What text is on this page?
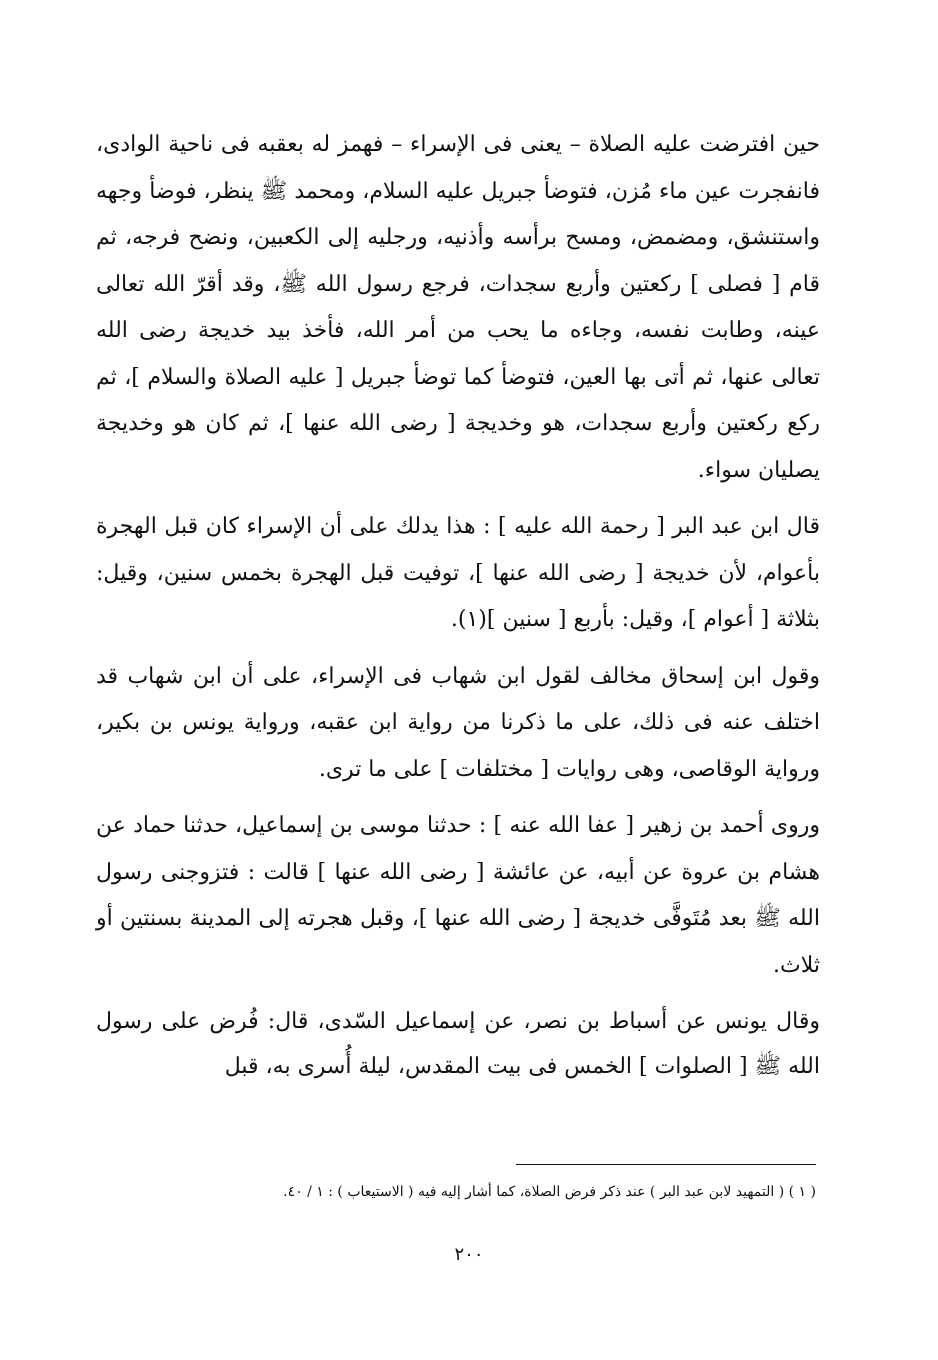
حين افترضت عليه الصلاة – يعنى فى الإسراء – فهمز له بعقبه فى ناحية الوادى، فانفجرت عين ماء مُزن، فتوضأ جبريل عليه السلام، ومحمد ﷺ ينظر، فوضأ وجهه واستنشق، ومضمض، ومسح برأسه وأذنيه، ورجليه إلى الكعبين، ونضح فرجه، ثم قام [ فصلى ] ركعتين وأربع سجدات، فرجع رسول الله ﷺ، وقد أقرّ الله تعالى عينه، وطابت نفسه، وجاءه ما يحب من أمر الله، فأخذ بيد خديجة رضى الله تعالى عنها، ثم أتى بها العين، فتوضأ كما توضأ جبريل [ عليه الصلاة والسلام ]، ثم ركع ركعتين وأربع سجدات، هو وخديجة [ رضى الله عنها ]، ثم كان هو وخديجة يصليان سواء.

قال ابن عبد البر [ رحمة الله عليه ] : هذا يدلك على أن الإسراء كان قبل الهجرة بأعوام، لأن خديجة [ رضى الله عنها ]، توفيت قبل الهجرة بخمس سنين، وقيل: بثلاثة [ أعوام ]، وقيل: بأربع [ سنين ](١).

وقول ابن إسحاق مخالف لقول ابن شهاب فى الإسراء، على أن ابن شهاب قد اختلف عنه فى ذلك، على ما ذكرنا من رواية ابن عقبه، ورواية يونس بن بكير، ورواية الوقاصى، وهى روايات [ مختلفات ] على ما ترى.

وروى أحمد بن زهير [ عفا الله عنه ] : حدثنا موسى بن إسماعيل، حدثنا حماد عن هشام بن عروة عن أبيه، عن عائشة [ رضى الله عنها ] قالت : فتزوجنى رسول الله ﷺ بعد مُتَوفَّى خديجة [ رضى الله عنها ]، وقبل هجرته إلى المدينة بسنتين أو ثلاث.

وقال يونس عن أسباط بن نصر، عن إسماعيل السّدى، قال: فُرض على رسول الله ﷺ [ الصلوات ] الخمس فى بيت المقدس، ليلة أُسرى به، قبل

( ١ ) ( التمهيد لابن عبد البر ) عند ذكر فرض الصلاة، كما أشار إليه فيه ( الاستيعاب ) : ١ / ٤٠.
٢٠٠
